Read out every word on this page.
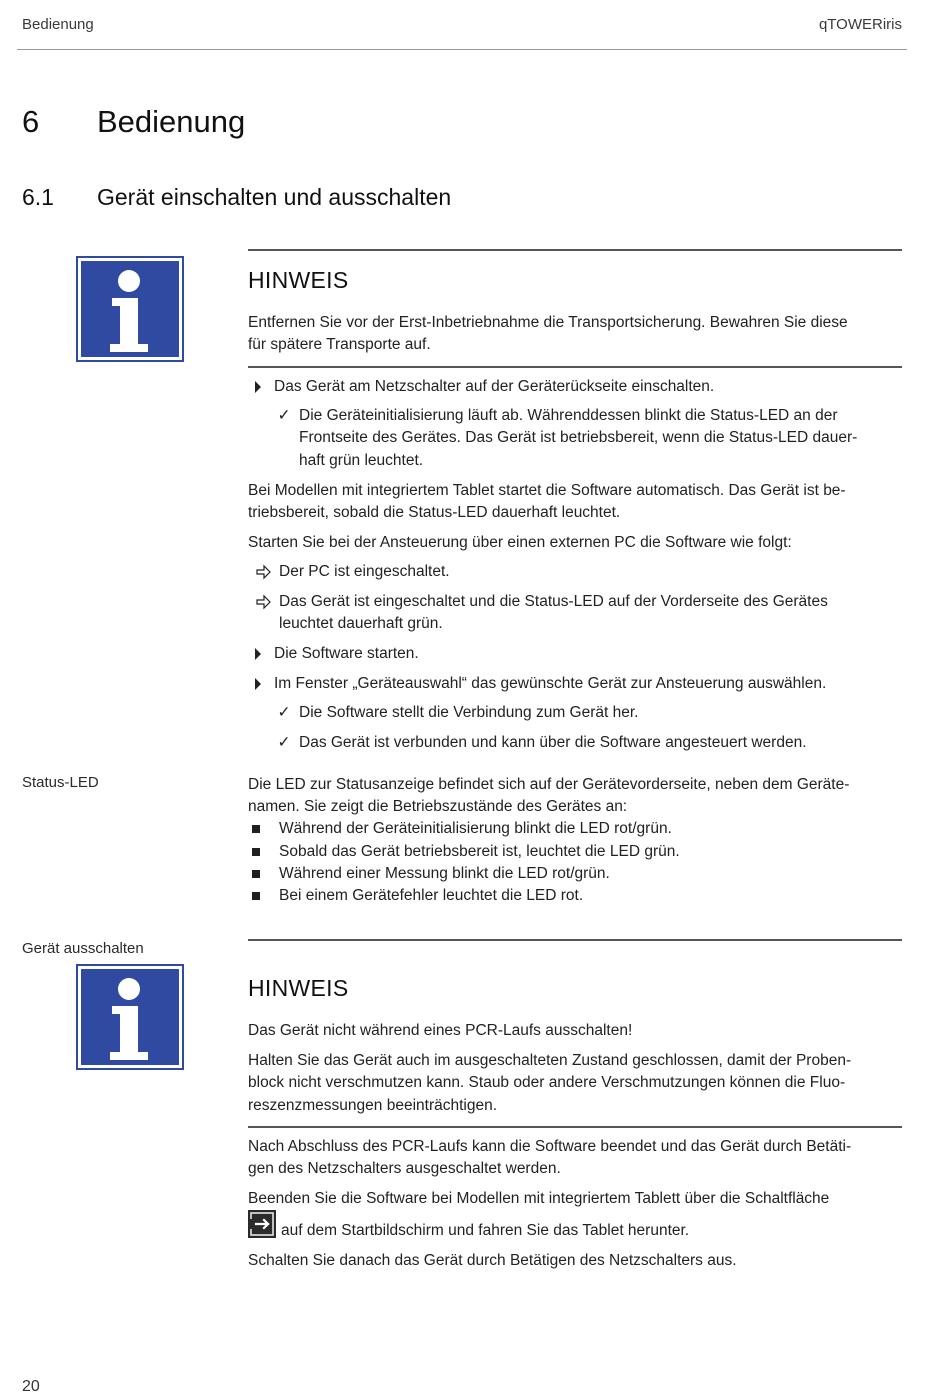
Bedienung	qTOWERiris
6 Bedienung
6.1 Gerät einschalten und ausschalten
HINWEIS
Entfernen Sie vor der Erst-Inbetriebnahme die Transportsicherung. Bewahren Sie diese
für spätere Transporte auf.
Das Gerät am Netzschalter auf der Geräterückseite einschalten.
✓ Die Geräteinitialisierung läuft ab. Währenddessen blinkt die Status-LED an der
Frontseite des Gerätes. Das Gerät ist betriebsbereit, wenn die Status-LED dauer-
haft grün leuchtet.
Bei Modellen mit integriertem Tablet startet die Software automatisch. Das Gerät ist be-
triebsbereit, sobald die Status-LED dauerhaft leuchtet.
Starten Sie bei der Ansteuerung über einen externen PC die Software wie folgt:
Der PC ist eingeschaltet.
Das Gerät ist eingeschaltet und die Status-LED auf der Vorderseite des Gerätes
leuchtet dauerhaft grün.
Die Software starten.
Im Fenster „Geräteauswahl“ das gewünschte Gerät zur Ansteuerung auswählen.
✓ Die Software stellt die Verbindung zum Gerät her.
✓ Das Gerät ist verbunden und kann über die Software angesteuert werden.
Status-LED	Die LED zur Statusanzeige befindet sich auf der Gerätevorderseite, neben dem Geräte-
namen. Sie zeigt die Betriebszustände des Gerätes an:
Während der Geräteinitialisierung blinkt die LED rot/grün.
Sobald das Gerät betriebsbereit ist, leuchtet die LED grün.
Während einer Messung blinkt die LED rot/grün.
Bei einem Gerätefehler leuchtet die LED rot.
Gerät ausschalten
HINWEIS
Das Gerät nicht während eines PCR-Laufs ausschalten!
Halten Sie das Gerät auch im ausgeschalteten Zustand geschlossen, damit der Proben-
block nicht verschmutzen kann. Staub oder andere Verschmutzungen können die Fluo-
reszenzmessungen beeinträchtigen.
Nach Abschluss des PCR-Laufs kann die Software beendet und das Gerät durch Betäti-
gen des Netzschalters ausgeschaltet werden.
Beenden Sie die Software bei Modellen mit integriertem Tablett über die Schaltfläche
auf dem Startbildschirm und fahren Sie das Tablet herunter.
Schalten Sie danach das Gerät durch Betätigen des Netzschalters aus.
20
